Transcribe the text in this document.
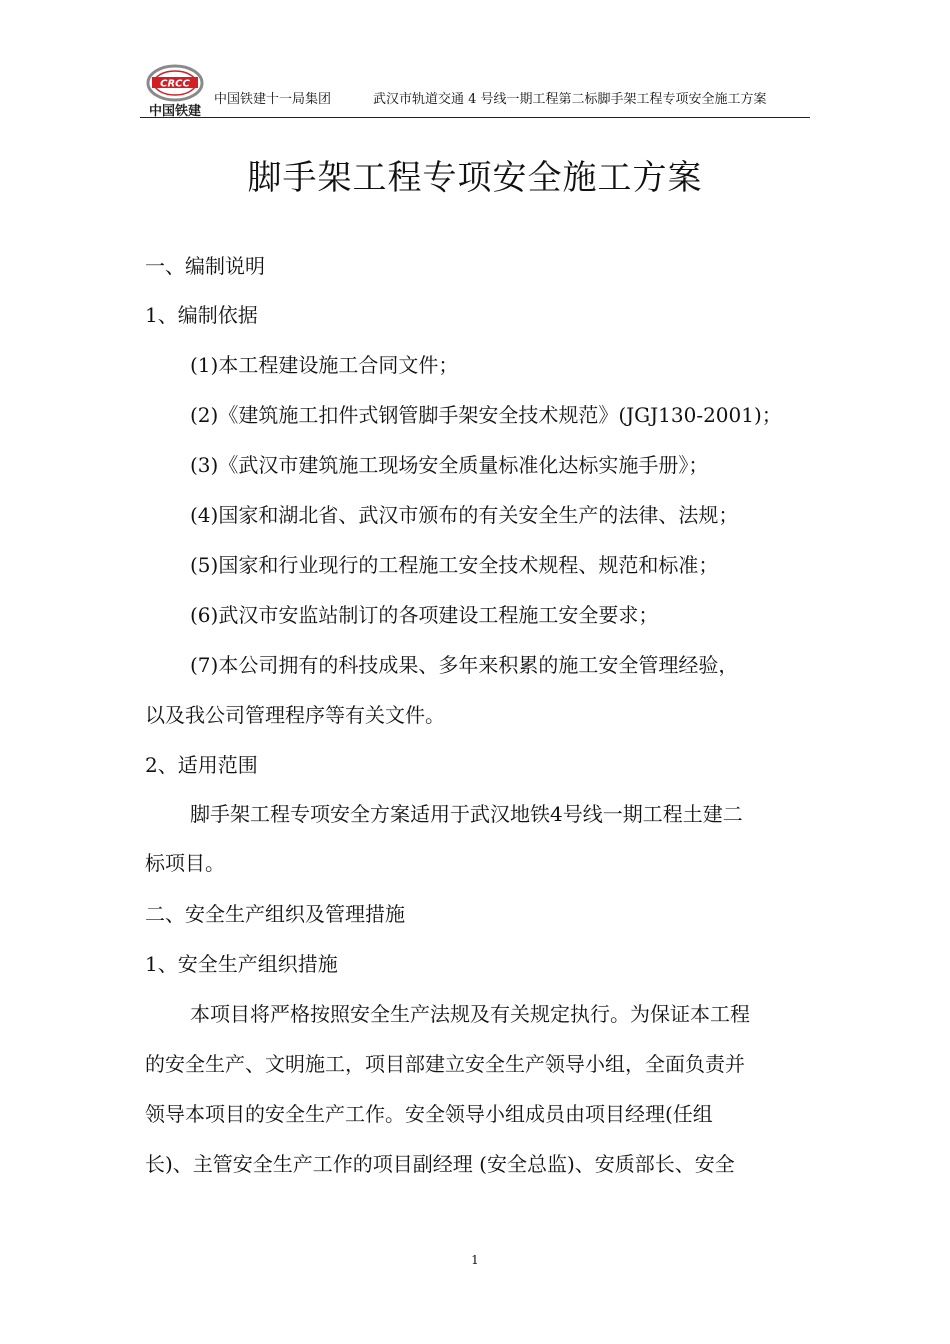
CRCC
中国铁建
中国铁建十一局集团	武汉市轨道交通 4 号线一期工程第二标脚手架工程专项安全施工方案
脚手架工程专项安全施工方案
一、编制说明
1、编制依据
(1)本工程建设施工合同文件；
(2)《建筑施工扣件式钢管脚手架安全技术规范》(JGJ130-2001)；
(3)《武汉市建筑施工现场安全质量标准化达标实施手册》；
(4)国家和湖北省、武汉市颁布的有关安全生产的法律、法规；
(5)国家和行业现行的工程施工安全技术规程、规范和标准；
(6)武汉市安监站制订的各项建设工程施工安全要求；
(7)本公司拥有的科技成果、多年来积累的施工安全管理经验，
以及我公司管理程序等有关文件。
2、适用范围
脚手架工程专项安全方案适用于武汉地铁4号线一期工程土建二
标项目。
二、安全生产组织及管理措施
1、安全生产组织措施
本项目将严格按照安全生产法规及有关规定执行。为保证本工程
的安全生产、文明施工，项目部建立安全生产领导小组，全面负责并
领导本项目的安全生产工作。安全领导小组成员由项目经理(任组
长)、主管安全生产工作的项目副经理 (安全总监)、安质部长、安全
1
